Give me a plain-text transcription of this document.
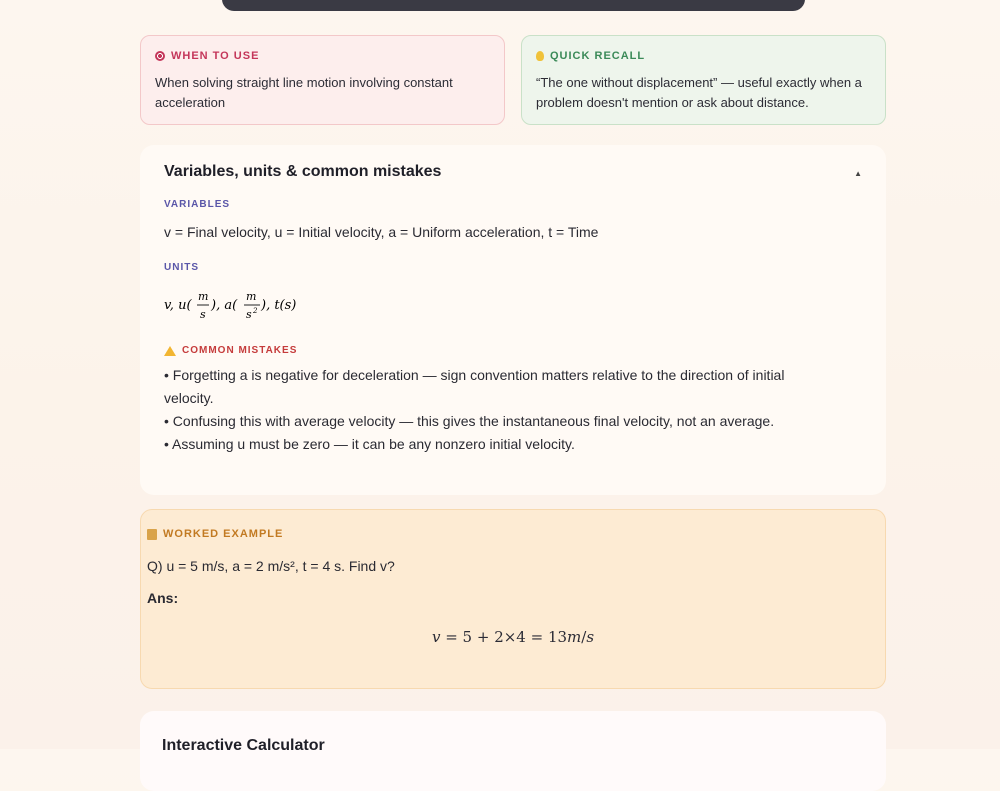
WHEN TO USE
When solving straight line motion involving constant acceleration
QUICK RECALL
“The one without displacement” — useful exactly when a problem doesn't mention or ask about distance.
Variables, units & common mistakes	▲
VARIABLES
v = Final velocity, u = Initial velocity, a = Uniform acceleration, t = Time
UNITS
v, u(
m
s
), a(
m
s 2 ), t(s)
COMMON MISTAKES
• Forgetting a is negative for deceleration — sign convention matters relative to the direction of initial velocity.
• Confusing this with average velocity — this gives the instantaneous final velocity, not an average.
• Assuming u must be zero — it can be any nonzero initial velocity.
WORKED EXAMPLE
Q) u = 5 m/s, a = 2 m/s², t = 4 s. Find v?
Ans:
v = 5 + 2×4 = 13m/s
Interactive Calculator
